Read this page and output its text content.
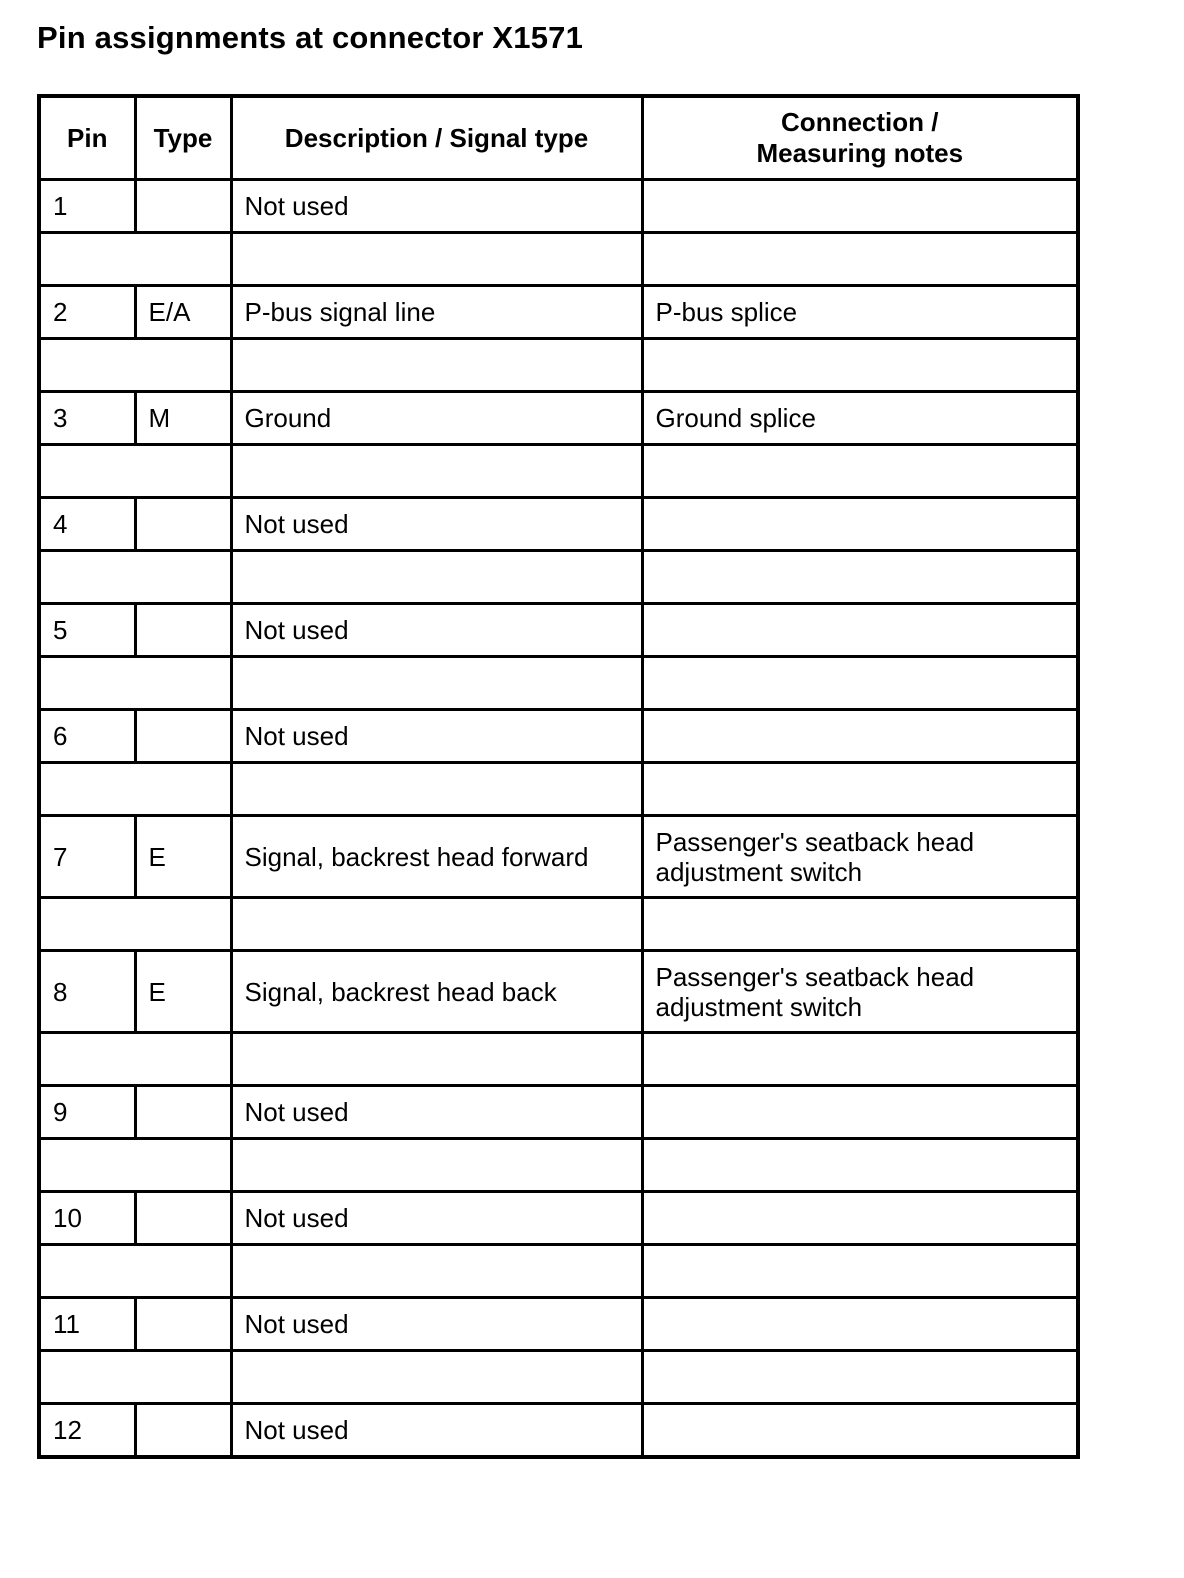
Pin assignments at connector X1571
Pin	Type	Description / Signal type	Connection /
Measuring notes
1		Not used	

2	E/A	P-bus signal line	P-bus splice

3	M	Ground	Ground splice

4		Not used	

5		Not used	

6		Not used	

7	E	Signal, backrest head forward	Passenger's seatback head adjustment switch

8	E	Signal, backrest head back	Passenger's seatback head adjustment switch

9		Not used	

10		Not used	

11		Not used	

12		Not used	
